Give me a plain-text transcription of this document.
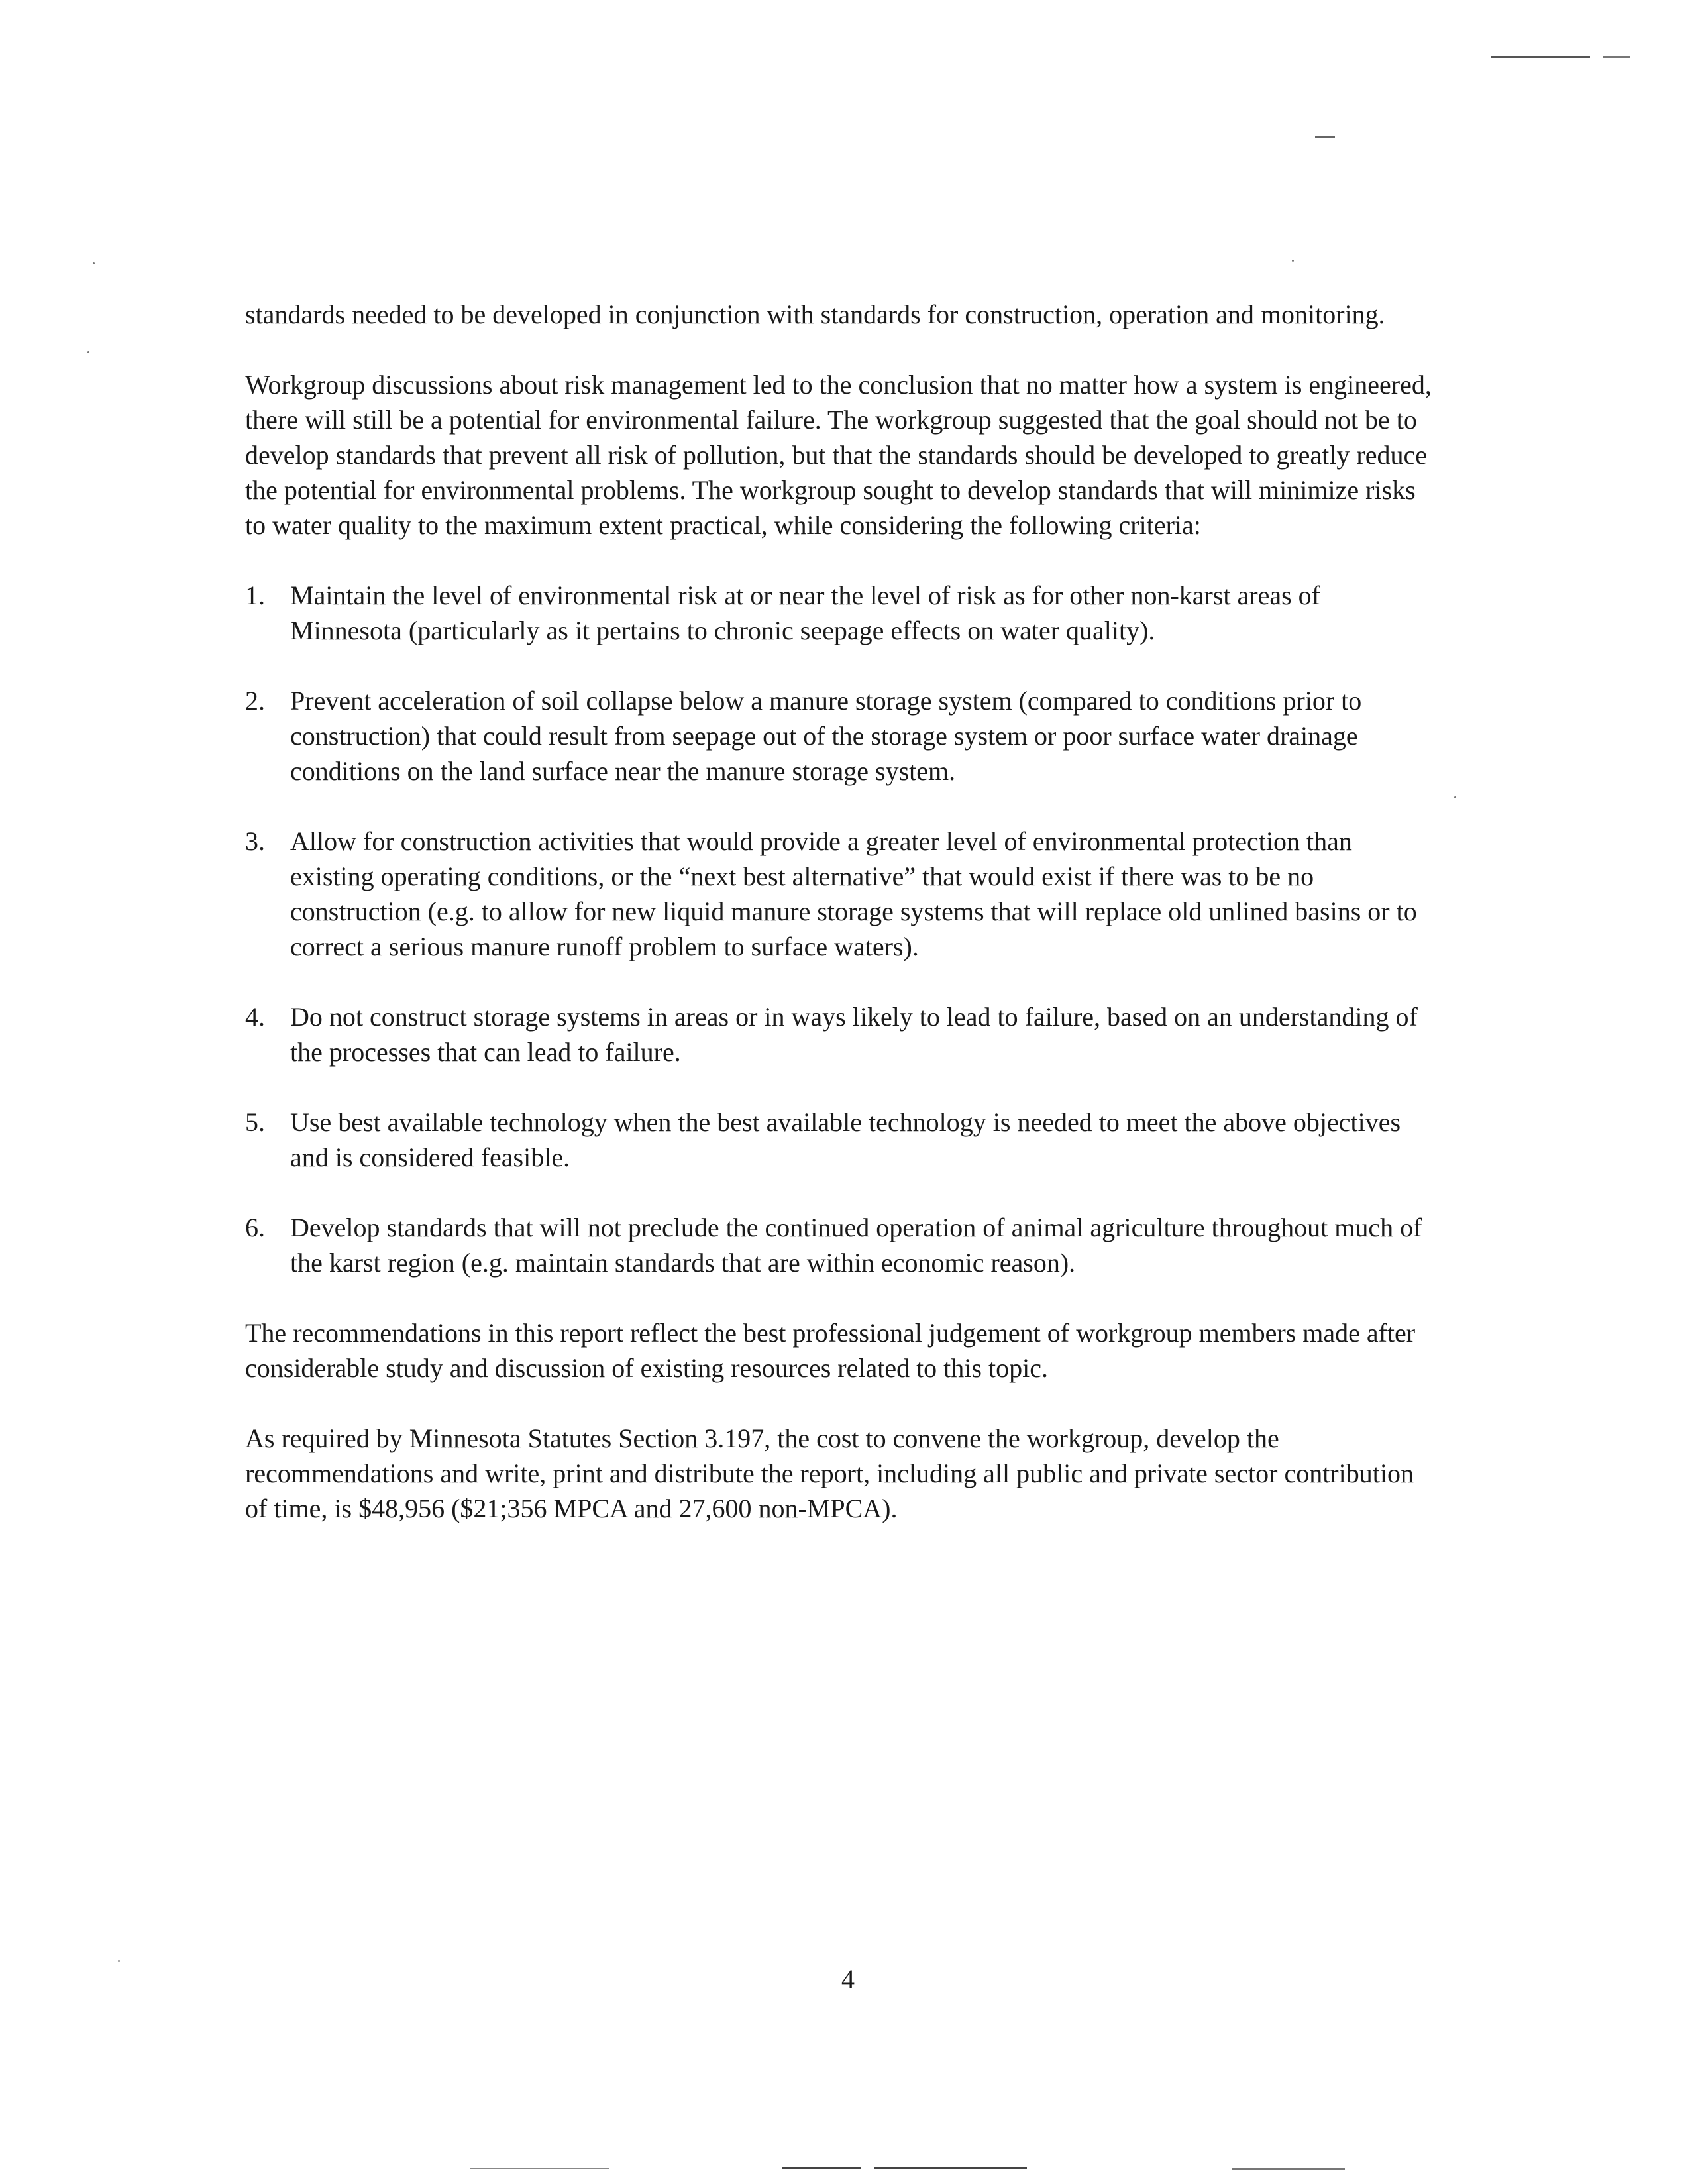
standards needed to be developed in conjunction with standards for construction, operation and monitoring.

Workgroup discussions about risk management led to the conclusion that no matter how a system is engineered, there will still be a potential for environmental failure. The workgroup suggested that the goal should not be to develop standards that prevent all risk of pollution, but that the standards should be developed to greatly reduce the potential for environmental problems. The workgroup sought to develop standards that will minimize risks to water quality to the maximum extent practical, while considering the following criteria:

1. Maintain the level of environmental risk at or near the level of risk as for other non-karst areas of Minnesota (particularly as it pertains to chronic seepage effects on water quality).
2. Prevent acceleration of soil collapse below a manure storage system (compared to conditions prior to construction) that could result from seepage out of the storage system or poor surface water drainage conditions on the land surface near the manure storage system.
3. Allow for construction activities that would provide a greater level of environmental protection than existing operating conditions, or the “next best alternative” that would exist if there was to be no construction (e.g. to allow for new liquid manure storage systems that will replace old unlined basins or to correct a serious manure runoff problem to surface waters).
4. Do not construct storage systems in areas or in ways likely to lead to failure, based on an understanding of the processes that can lead to failure.
5. Use best available technology when the best available technology is needed to meet the above objectives and is considered feasible.
6. Develop standards that will not preclude the continued operation of animal agriculture throughout much of the karst region (e.g. maintain standards that are within economic reason).

The recommendations in this report reflect the best professional judgement of workgroup members made after considerable study and discussion of existing resources related to this topic.

As required by Minnesota Statutes Section 3.197, the cost to convene the workgroup, develop the recommendations and write, print and distribute the report, including all public and private sector contribution of time, is $48,956 ($21;356 MPCA and 27,600 non-MPCA).

4
